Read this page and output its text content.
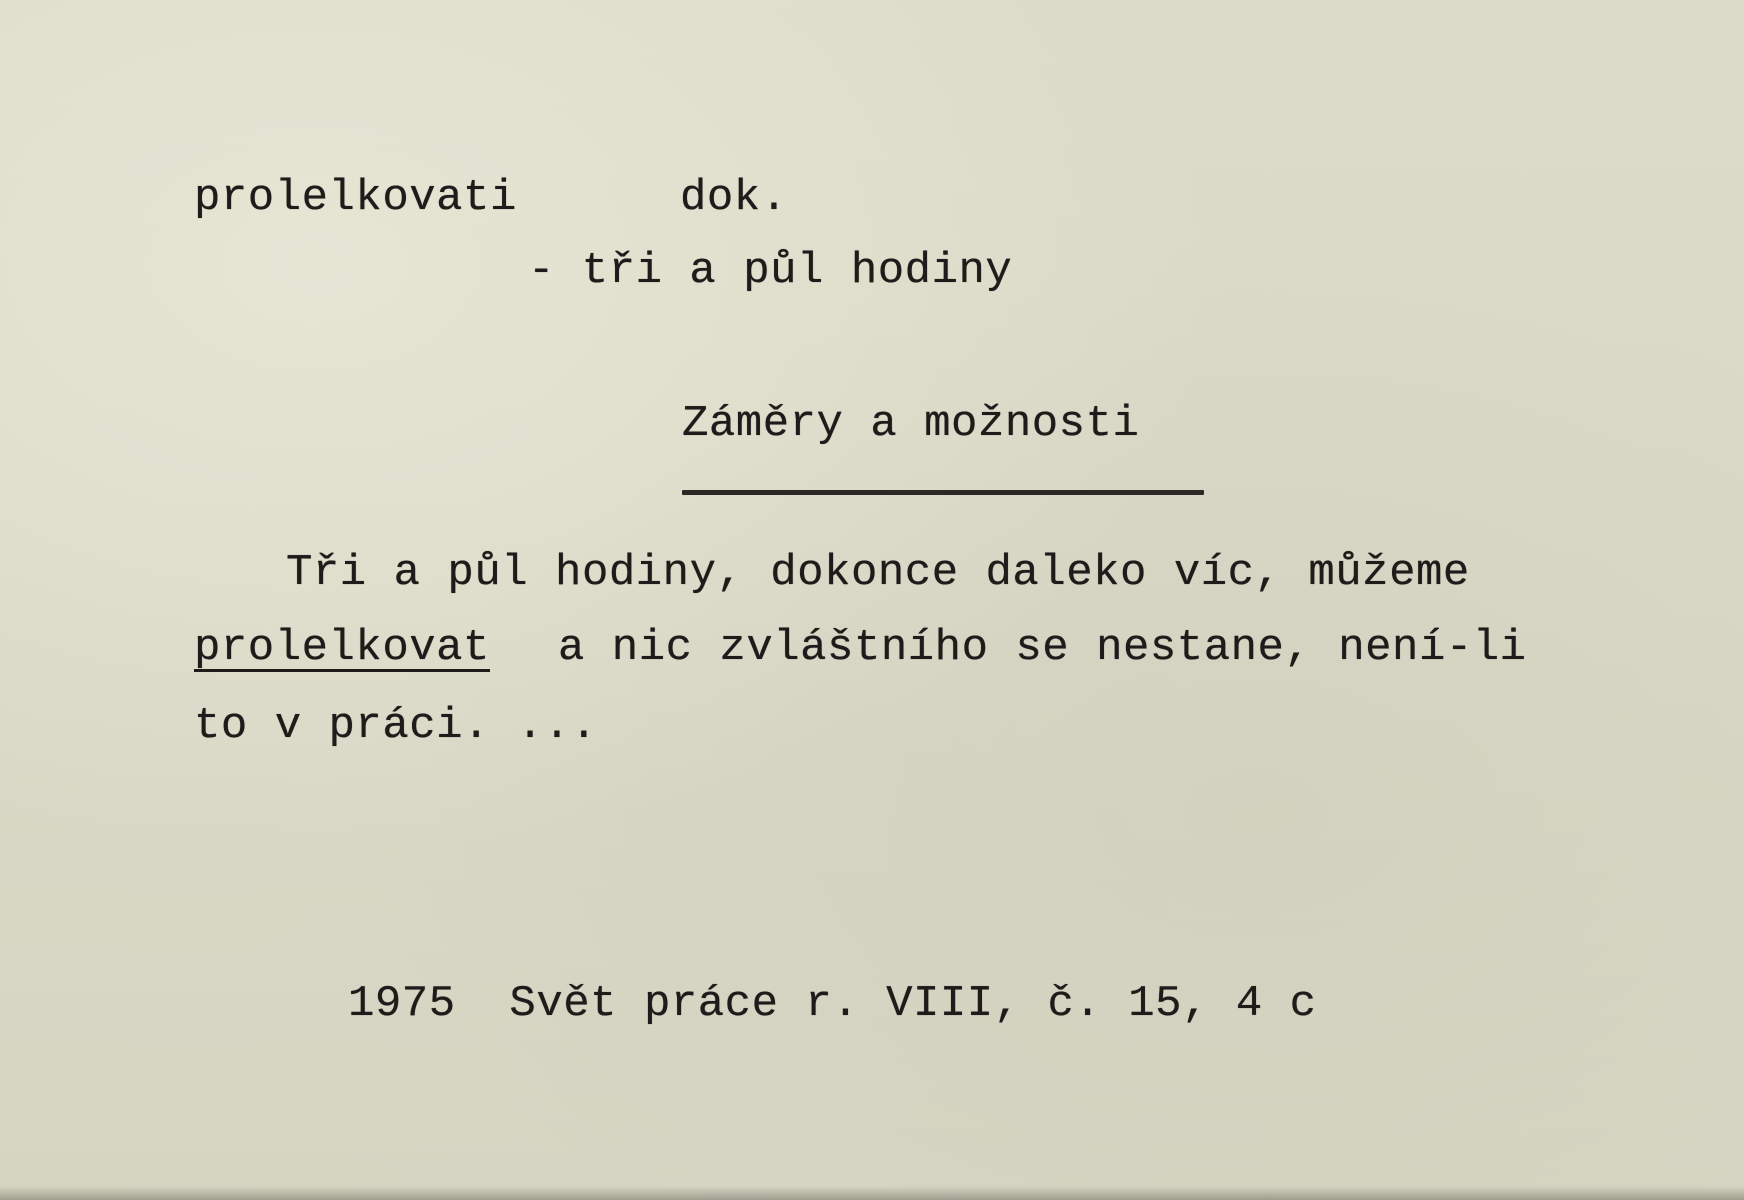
prolelkovati	dok.
- tři a půl hodiny
Záměry a možnosti
Tři a půl hodiny, dokonce daleko víc, můžeme
prolelkovat a nic zvláštního se nestane, není-li
to v práci. ...
1975  Svět práce r. VIII, č. 15, 4 c
